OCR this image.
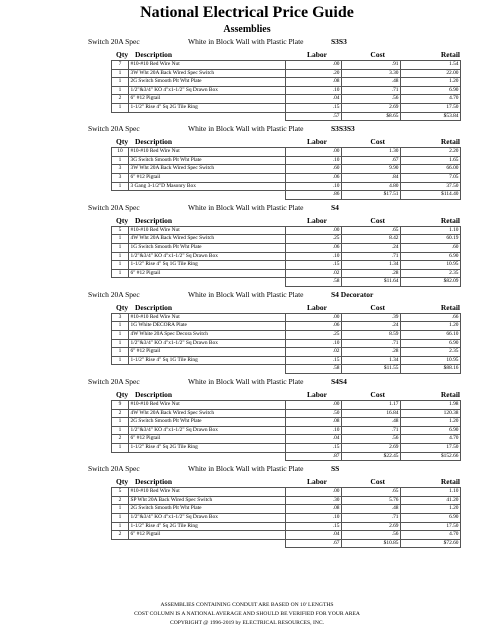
National Electrical Price Guide
Assemblies
Switch 20A Spec	White in Block Wall with Plastic Plate	S3S3
Qty Description	Labor	Cost	Retail
7	#10-#10 Red Wire Nut	.00	.91	1.54
1	3W Wht 20A Back Wired Spec Switch	.20	3.30	22.00
1	2G Switch Smooth Plt Wht Plate	.08	.48	1.20
1	1/2"&3/4" KO 4"x1-1/2" Sq Drawn Box	.10	.71	6.90
2	6" #12 Pigtail	.04	.56	4.70
1	1-1/2" Rise 4" Sq 2G Tile Ring	.15	2.69	17.50
		.57	$8.65	$53.84
Switch 20A Spec	White in Block Wall with Plastic Plate	S3S3S3
Qty Description	Labor	Cost	Retail
10	#10-#10 Red Wire Nut	.00	1.30	2.20
1	3G Switch Smooth Plt Wht Plate	.10	.67	1.65
3	3W Wht 20A Back Wired Spec Switch	.60	9.90	66.00
3	6" #12 Pigtail	.06	.84	7.05
1	3 Gang 3-1/2"D Masonry Box	.10	4.80	37.50
		.86	$17.51	$114.40
Switch 20A Spec	White in Block Wall with Plastic Plate	S4
Qty Description	Labor	Cost	Retail
5	#10-#10 Red Wire Nut	.00	.65	1.10
1	4W Wht 20A Back Wired Spec Switch	.25	8.42	60.19
1	1G Switch Smooth Plt Wht Plate	.06	.24	.60
1	1/2"&3/4" KO 4"x1-1/2" Sq Drawn Box	.10	.71	6.90
1	1-1/2" Rise 4" Sq 1G Tile Ring	.15	1.34	10.95
1	6" #12 Pigtail	.02	.28	2.35
		.58	$11.64	$82.09
Switch 20A Spec	White in Block Wall with Plastic Plate	S4 Decorator
Qty Description	Labor	Cost	Retail
3	#10-#10 Red Wire Nut	.00	.39	.66
1	1G White DECORA Plate	.06	.24	1.20
1	4W White 20A Spec Decora Switch	.25	8.59	66.10
1	1/2"&3/4" KO 4"x1-1/2" Sq Drawn Box	.10	.71	6.90
1	6" #12 Pigtail	.02	.28	2.35
1	1-1/2" Rise 4" Sq 1G Tile Ring	.15	1.34	10.95
		.58	$11.55	$88.16
Switch 20A Spec	White in Block Wall with Plastic Plate	S4S4
Qty Description	Labor	Cost	Retail
9	#10-#10 Red Wire Nut	.00	1.17	1.98
2	4W Wht 20A Back Wired Spec Switch	.50	16.84	120.38
1	2G Switch Smooth Plt Wht Plate	.08	.48	1.20
1	1/2"&3/4" KO 4"x1-1/2" Sq Drawn Box	.10	.71	6.90
2	6" #12 Pigtail	.04	.56	4.70
1	1-1/2" Rise 4" Sq 2G Tile Ring	.15	2.69	17.50
		.87	$22.45	$152.66
Switch 20A Spec	White in Block Wall with Plastic Plate	SS
Qty Description	Labor	Cost	Retail
5	#10-#10 Red Wire Nut	.00	.65	1.10
2	SP Wht 20A Back Wired Spec Switch	.30	5.76	41.20
1	2G Switch Smooth Plt Wht Plate	.08	.48	1.20
1	1/2"&3/4" KO 4"x1-1/2" Sq Drawn Box	.10	.71	6.90
1	1-1/2" Rise 4" Sq 2G Tile Ring	.15	2.69	17.50
2	6" #12 Pigtail	.04	.56	4.70
		.67	$10.85	$72.60
ASSEMBLIES CONTAINING CONDUIT ARE BASED ON 10' LENGTHS
COST COLUMN IS A NATIONAL AVERAGE AND SHOULD BE VERIFIED FOR YOUR AREA
COPYRIGHT @ 1996-2019 by ELECTRICAL RESOURCES, INC.
